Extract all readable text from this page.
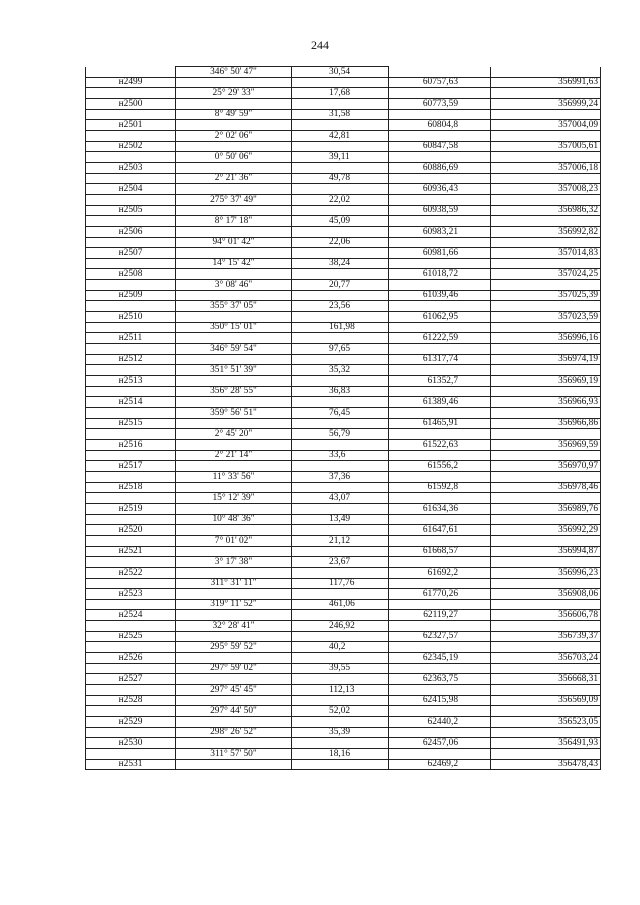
244
	346° 50' 47"	30,54		
н2499			60757,63	356991,63
	25° 29' 33"	17,68		
н2500			60773,59	356999,24
	8° 49' 59"	31,58		
н2501			60804,8	357004,09
	2° 02' 06"	42,81		
н2502			60847,58	357005,61
	0° 50' 06"	39,11		
н2503			60886,69	357006,18
	2° 21' 36"	49,78		
н2504			60936,43	357008,23
	275° 37' 49"	22,02		
н2505			60938,59	356986,32
	8° 17' 18"	45,09		
н2506			60983,21	356992,82
	94° 01' 42"	22,06		
н2507			60981,66	357014,83
	14° 15' 42"	38,24		
н2508			61018,72	357024,25
	3° 08' 46"	20,77		
н2509			61039,46	357025,39
	355° 37' 05"	23,56		
н2510			61062,95	357023,59
	350° 15' 01"	161,98		
н2511			61222,59	356996,16
	346° 59' 54"	97,65		
н2512			61317,74	356974,19
	351° 51' 39"	35,32		
н2513			61352,7	356969,19
	356° 28' 55"	36,83		
н2514			61389,46	356966,93
	359° 56' 51"	76,45		
н2515			61465,91	356966,86
	2° 45' 20"	56,79		
н2516			61522,63	356969,59
	2° 21' 14"	33,6		
н2517			61556,2	356970,97
	11° 33' 56"	37,36		
н2518			61592,8	356978,46
	15° 12' 39"	43,07		
н2519			61634,36	356989,76
	10° 48' 36"	13,49		
н2520			61647,61	356992,29
	7° 01' 02"	21,12		
н2521			61668,57	356994,87
	3° 17' 38"	23,67		
н2522			61692,2	356996,23
	311° 31' 11"	117,76		
н2523			61770,26	356908,06
	319° 11' 52"	461,06		
н2524			62119,27	356606,78
	32° 28' 41"	246,92		
н2525			62327,57	356739,37
	295° 59' 52"	40,2		
н2526			62345,19	356703,24
	297° 59' 02"	39,55		
н2527			62363,75	356668,31
	297° 45' 45"	112,13		
н2528			62415,98	356569,09
	297° 44' 50"	52,02		
н2529			62440,2	356523,05
	298° 26' 52"	35,39		
н2530			62457,06	356491,93
	311° 57' 50"	18,16		
н2531			62469,2	356478,43
